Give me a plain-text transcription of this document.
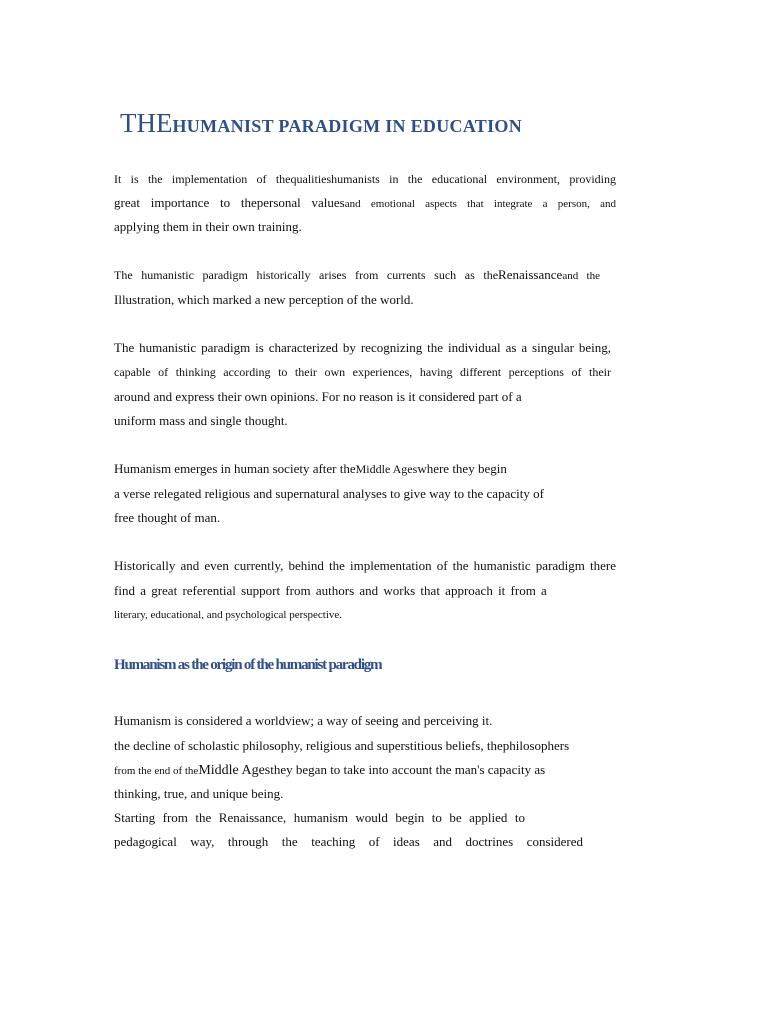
THEHUMANIST PARADIGM IN EDUCATION
It is the implementation of thequalitieshumanists in the educational environment, providing
great importance to thepersonal valuesand emotional aspects that integrate a person, and
applying them in their own training.
The humanistic paradigm historically arises from currents such as theRenaissanceand the
Illustration, which marked a new perception of the world.
The humanistic paradigm is characterized by recognizing the individual as a singular being,
capable of thinking according to their own experiences, having different perceptions of their
around and express their own opinions. For no reason is it considered part of a
uniform mass and single thought.
Humanism emerges in human society after theMiddle Ageswhere they begin
a verse relegated religious and supernatural analyses to give way to the capacity of
free thought of man.
Historically and even currently, behind the implementation of the humanistic paradigm there
find a great referential support from authors and works that approach it from a
literary, educational, and psychological perspective.
Humanism as the origin of the humanist paradigm
Humanism is considered a worldview; a way of seeing and perceiving it.
the decline of scholastic philosophy, religious and superstitious beliefs, thephilosophers
from the end of theMiddle Agesthey began to take into account the man's capacity as
thinking, true, and unique being.
Starting from the Renaissance, humanism would begin to be applied to
pedagogical way, through the teaching of ideas and doctrines considered
